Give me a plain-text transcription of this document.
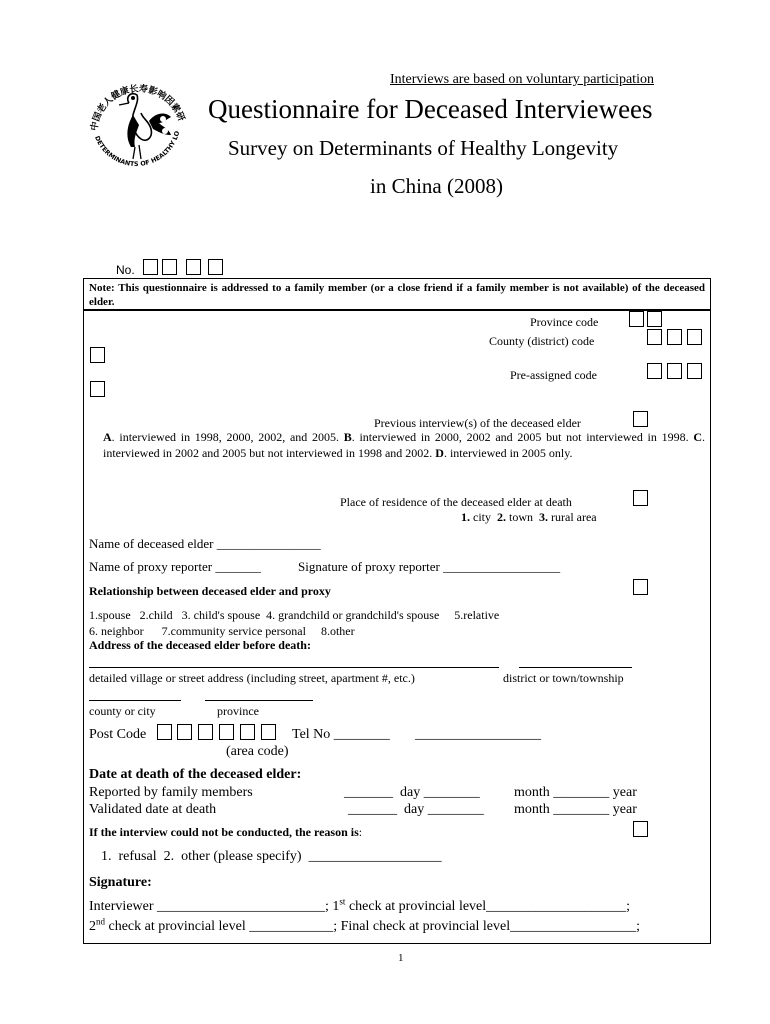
中国老人健康长寿影响因素研
DETERMINANTS OF HEALTHY LO
Interviews are based on voluntary participation
Questionnaire for Deceased Interviewees
Survey on Determinants of Healthy Longevity
in China (2008)
No.
Note: This questionnaire is addressed to a family member (or a close friend if a family member is not available) of the deceased elder.
Province code
County (district) code
Pre-assigned code
Previous interview(s) of the deceased elder
A. interviewed in 1998, 2000, 2002, and 2005. B. interviewed in 2000, 2002 and 2005 but not interviewed in 1998. C. interviewed in 2002 and 2005 but not interviewed in 1998 and 2002. D. interviewed in 2005 only.
Place of residence of the deceased elder at death
1. city 2. town 3. rural area
Name of deceased elder ________________
Name of proxy reporter _______	Signature of proxy reporter __________________
Relationship between deceased elder and proxy
1.spouse   2.child   3. child's spouse  4. grandchild or grandchild's spouse     5.relative
6. neighbor      7.community service personal     8.other
Address of the deceased elder before death:
detailed village or street address (including street, apartment #, etc.)	district or town/township
county or city	province
Post Code	Tel No ________ __________________
(area code)
Date at death of the deceased elder:
Reported by family members	_______  day ________ month ________ year
Validated date at death	_______  day ________ month ________ year
If the interview could not be conducted, the reason is:
1.  refusal  2.  other (please specify)  ___________________
Signature:
Interviewer ________________________; 1st check at provincial level____________________;
2nd check at provincial level ____________; Final check at provincial level__________________;
1
